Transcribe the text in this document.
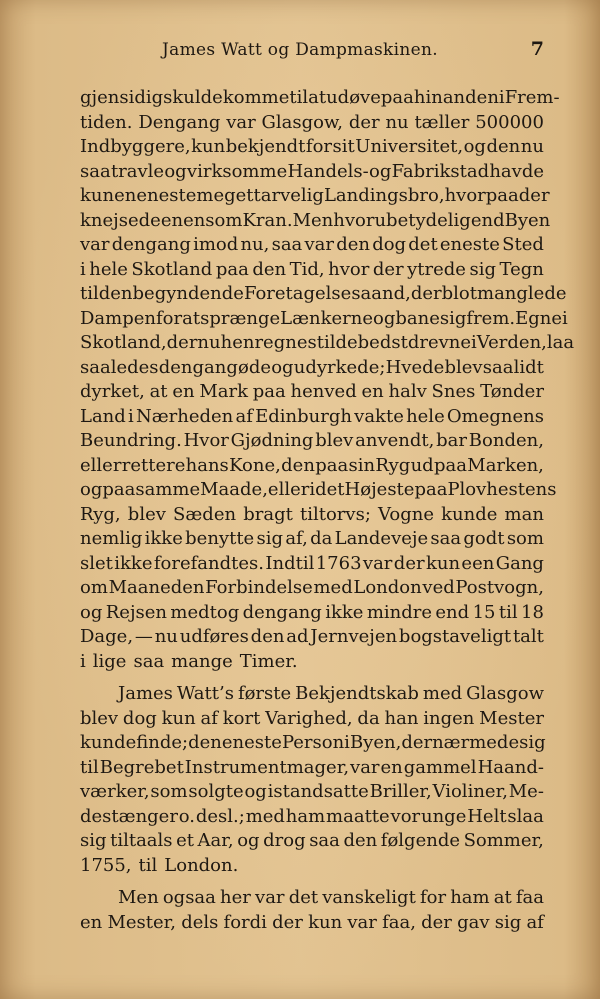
James Watt og Dampmaskinen.	7
gjensidig skulde komme til at udøve paa hinanden i Frem-
tiden. Dengang var Glasgow, der nu tæller 500000
Indbyggere, kun bekjendt for sit Universitet, og den nu
saa travle og virksomme Handels- og Fabrikstad havde
kun en eneste meget tarvelig Landingsbro, hvorpaa der
knejsede en ensom Kran. Men hvor ubetydelig end Byen
var dengang imod nu, saa var den dog det eneste Sted
i hele Skotland paa den Tid, hvor der ytrede sig Tegn
til den begyndende Foretagelsesaand, der blot manglede
Dampen for at sprænge Lænkerne og bane sig frem. Egne i
Skotland, der nu henregnes til de bedst drevne i Verden, laa
saaledes dengang øde og udyrkede; Hvede blev saa lidt
dyrket, at en Mark paa henved en halv Snes Tønder
Land i Nærheden af Edinburgh vakte hele Omegnens
Beundring. Hvor Gjødning blev anvendt, bar Bonden,
eller rettere hans Kone, den paa sin Ryg ud paa Marken,
og paa samme Maade, eller i det Højeste paa Plovhestens
Ryg, blev Sæden bragt tiltorvs; Vogne kunde man
nemlig ikke benytte sig af, da Landeveje saa godt som
slet ikke forefandtes. Indtil 1763 var der kun een Gang
om Maaneden Forbindelse med London ved Postvogn,
og Rejsen medtog dengang ikke mindre end 15 til 18
Dage, — nu udføres den ad Jernvejen bogstaveligt talt
i lige saa mange Timer.
James Watt’s første Bekjendtskab med Glasgow
blev dog kun af kort Varighed, da han ingen Mester
kunde finde; den eneste Person i Byen, der nærmede sig
til Begrebet Instrumentmager, var en gammel Haand-
værker, som solgte og istandsatte Briller, Violiner, Me-
destænger o. desl.; med ham maatte vor unge Helt slaa
sig tiltaals et Aar, og drog saa den følgende Sommer,
1755, til London.
Men ogsaa her var det vanskeligt for ham at faa
en Mester, dels fordi der kun var faa, der gav sig af
